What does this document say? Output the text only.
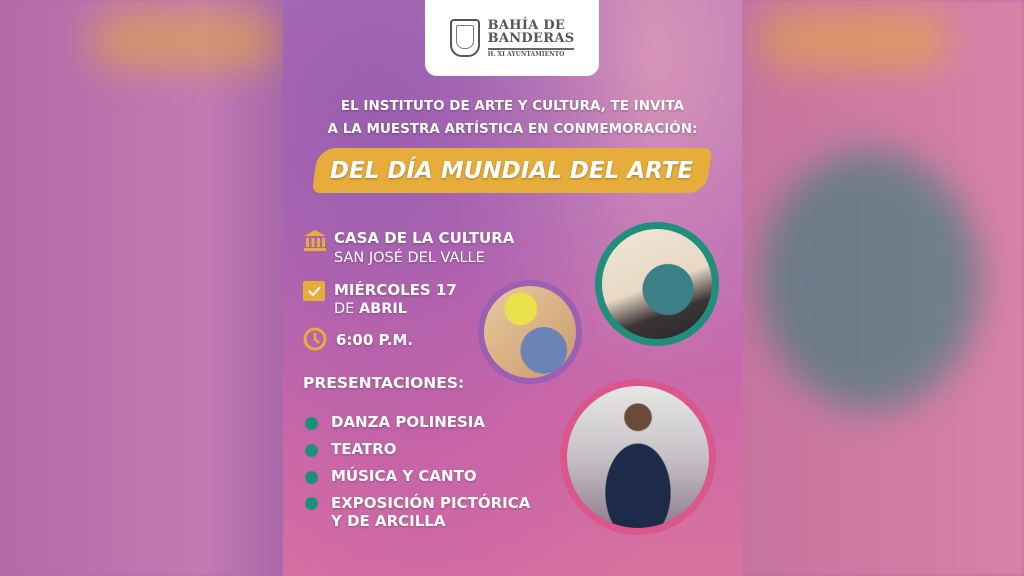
BAHÍA DE
BANDERAS
H. XI AYUNTAMIENTO
EL INSTITUTO DE ARTE Y CULTURA, TE INVITA
A LA MUESTRA ARTÍSTICA EN CONMEMORACIÓN:
DEL DÍA MUNDIAL DEL ARTE
CASA DE LA CULTURA
SAN JOSÉ DEL VALLE
MIÉRCOLES 17
DE ABRIL
6:00 P.M.
PRESENTACIONES:
DANZA POLINESIA
TEATRO
MÚSICA Y CANTO
EXPOSICIÓN PICTÓRICA
Y DE ARCILLA
